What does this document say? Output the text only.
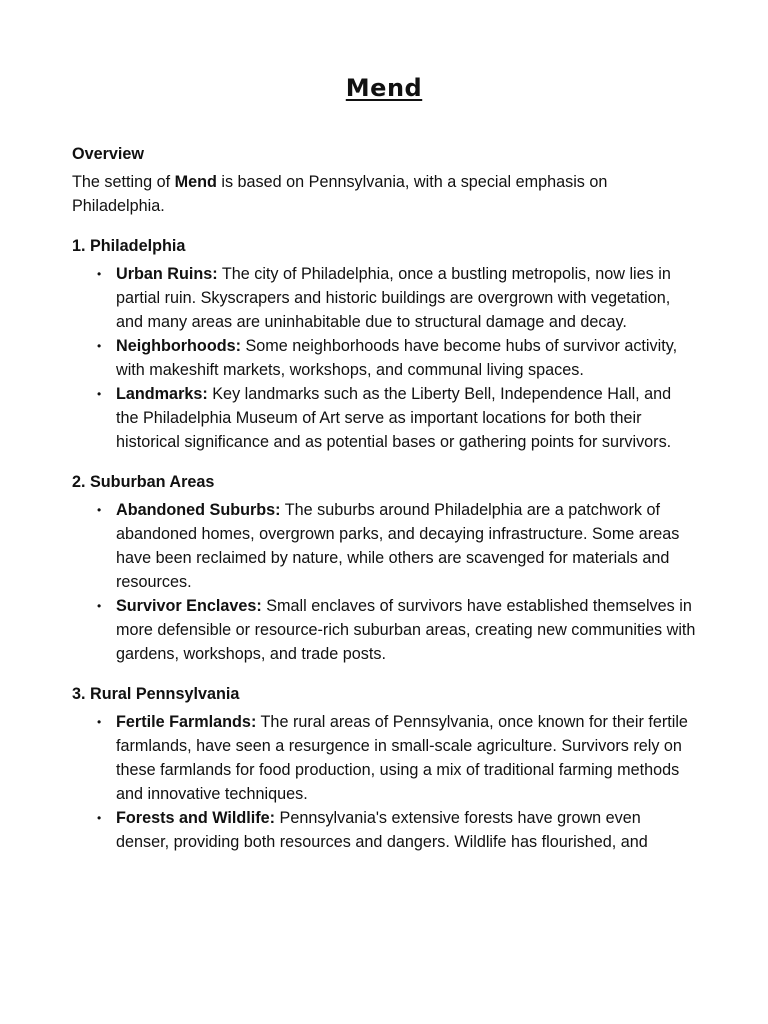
Mend
Overview

The setting of Mend is based on Pennsylvania, with a special emphasis on Philadelphia.

1. Philadelphia
• Urban Ruins: The city of Philadelphia, once a bustling metropolis, now lies in partial ruin. Skyscrapers and historic buildings are overgrown with vegetation, and many areas are uninhabitable due to structural damage and decay.
• Neighborhoods: Some neighborhoods have become hubs of survivor activity, with makeshift markets, workshops, and communal living spaces.
• Landmarks: Key landmarks such as the Liberty Bell, Independence Hall, and the Philadelphia Museum of Art serve as important locations for both their historical significance and as potential bases or gathering points for survivors.
2. Suburban Areas
• Abandoned Suburbs: The suburbs around Philadelphia are a patchwork of abandoned homes, overgrown parks, and decaying infrastructure. Some areas have been reclaimed by nature, while others are scavenged for materials and resources.
• Survivor Enclaves: Small enclaves of survivors have established themselves in more defensible or resource-rich suburban areas, creating new communities with gardens, workshops, and trade posts.
3. Rural Pennsylvania
• Fertile Farmlands: The rural areas of Pennsylvania, once known for their fertile farmlands, have seen a resurgence in small-scale agriculture. Survivors rely on these farmlands for food production, using a mix of traditional farming methods and innovative techniques.
• Forests and Wildlife: Pennsylvania's extensive forests have grown even denser, providing both resources and dangers. Wildlife has flourished, and
